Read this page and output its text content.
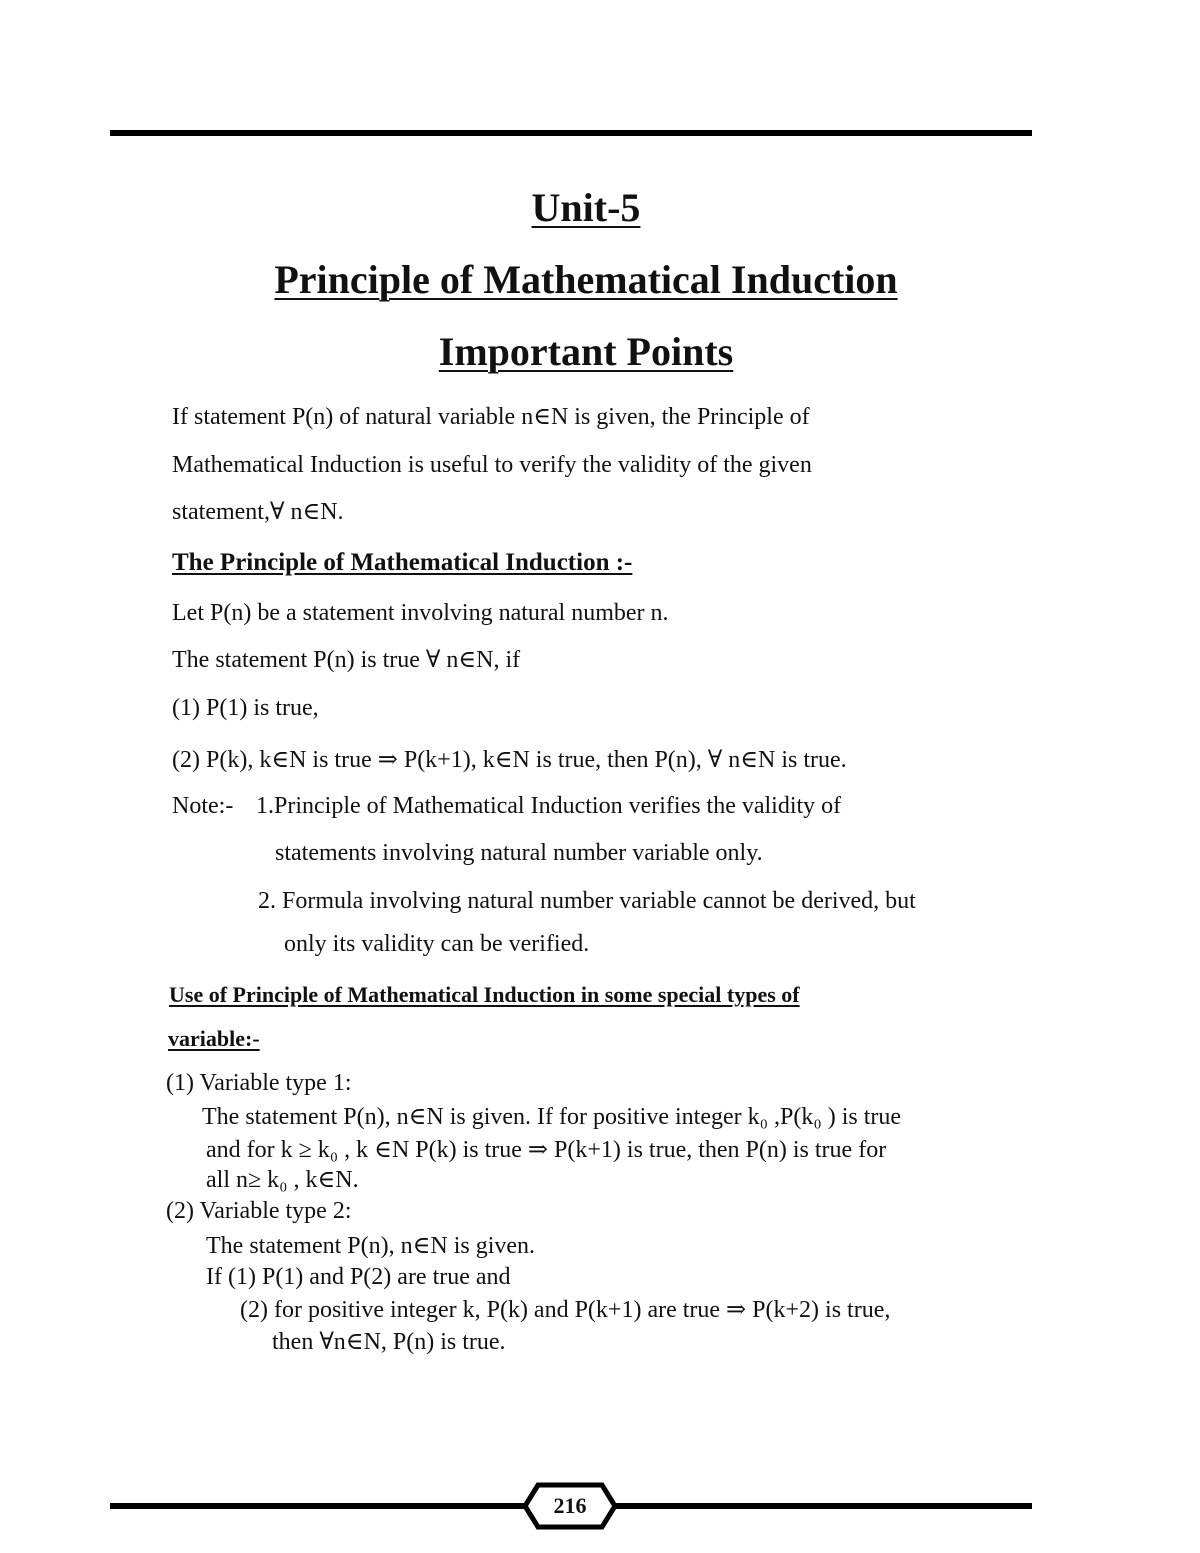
Unit-5
Principle of Mathematical Induction
Important Points

If statement P(n) of natural variable n∈N is given, the Principle of

Mathematical Induction is useful to verify the validity of the given

statement,∀ n∈N.

The Principle of Mathematical Induction :-

Let P(n) be a statement involving natural number n.

The statement P(n) is true ∀ n∈N, if

(1) P(1) is true,

(2) P(k), k∈N is true ⇒ P(k+1), k∈N is true, then P(n), ∀ n∈N is true.

Note:- 1.Principle of Mathematical Induction verifies the validity of

statements involving natural number variable only.

2. Formula involving natural number variable cannot be derived, but

only its validity can be verified.

Use of Principle of Mathematical Induction in some special types of

variable:-

(1) Variable type 1:

The statement P(n), n∈N is given. If for positive integer k₀ ,P(k₀ ) is true

and for k ≥ k₀ , k ∈N P(k) is true ⇒ P(k+1) is true, then P(n) is true for

all n≥ k₀ , k∈N.

(2) Variable type 2:

The statement P(n), n∈N is given.

If (1) P(1) and P(2) are true and

(2) for positive integer k, P(k) and P(k+1) are true ⇒ P(k+2) is true,

then ∀n∈N, P(n) is true.

216
